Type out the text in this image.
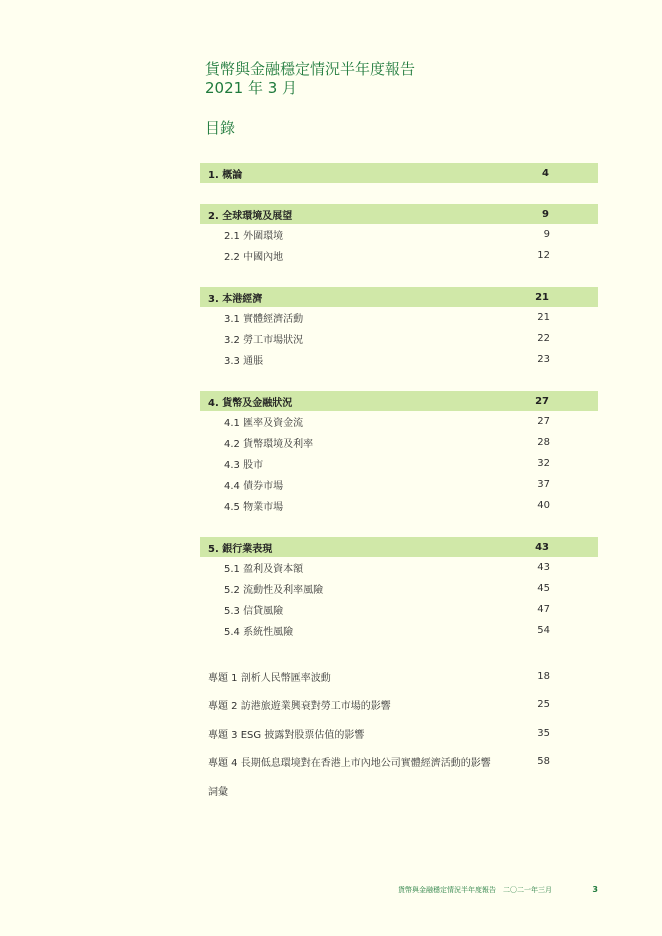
貨幣與金融穩定情況半年度報告
2021 年 3 月
目錄
1. 概論	4
2. 全球環境及展望	9
2.1 外圍環境	9
2.2 中國內地	12
3. 本港經濟	21
3.1 實體經濟活動	21
3.2 勞工市場狀況	22
3.3 通脹	23
4. 貨幣及金融狀況	27
4.1 匯率及資金流	27
4.2 貨幣環境及利率	28
4.3 股市	32
4.4 債券市場	37
4.5 物業市場	40
5. 銀行業表現	43
5.1 盈利及資本額	43
5.2 流動性及利率風險	45
5.3 信貸風險	47
5.4 系統性風險	54
專題 1 剖析人民幣匯率波動	18
專題 2 訪港旅遊業興衰對勞工市場的影響	25
專題 3 ESG 披露對股票估值的影響	35
專題 4 長期低息環境對在香港上市內地公司實體經濟活動的影響	58
詞彙
貨幣與金融穩定情況半年度報告　二〇二一年三月	3
